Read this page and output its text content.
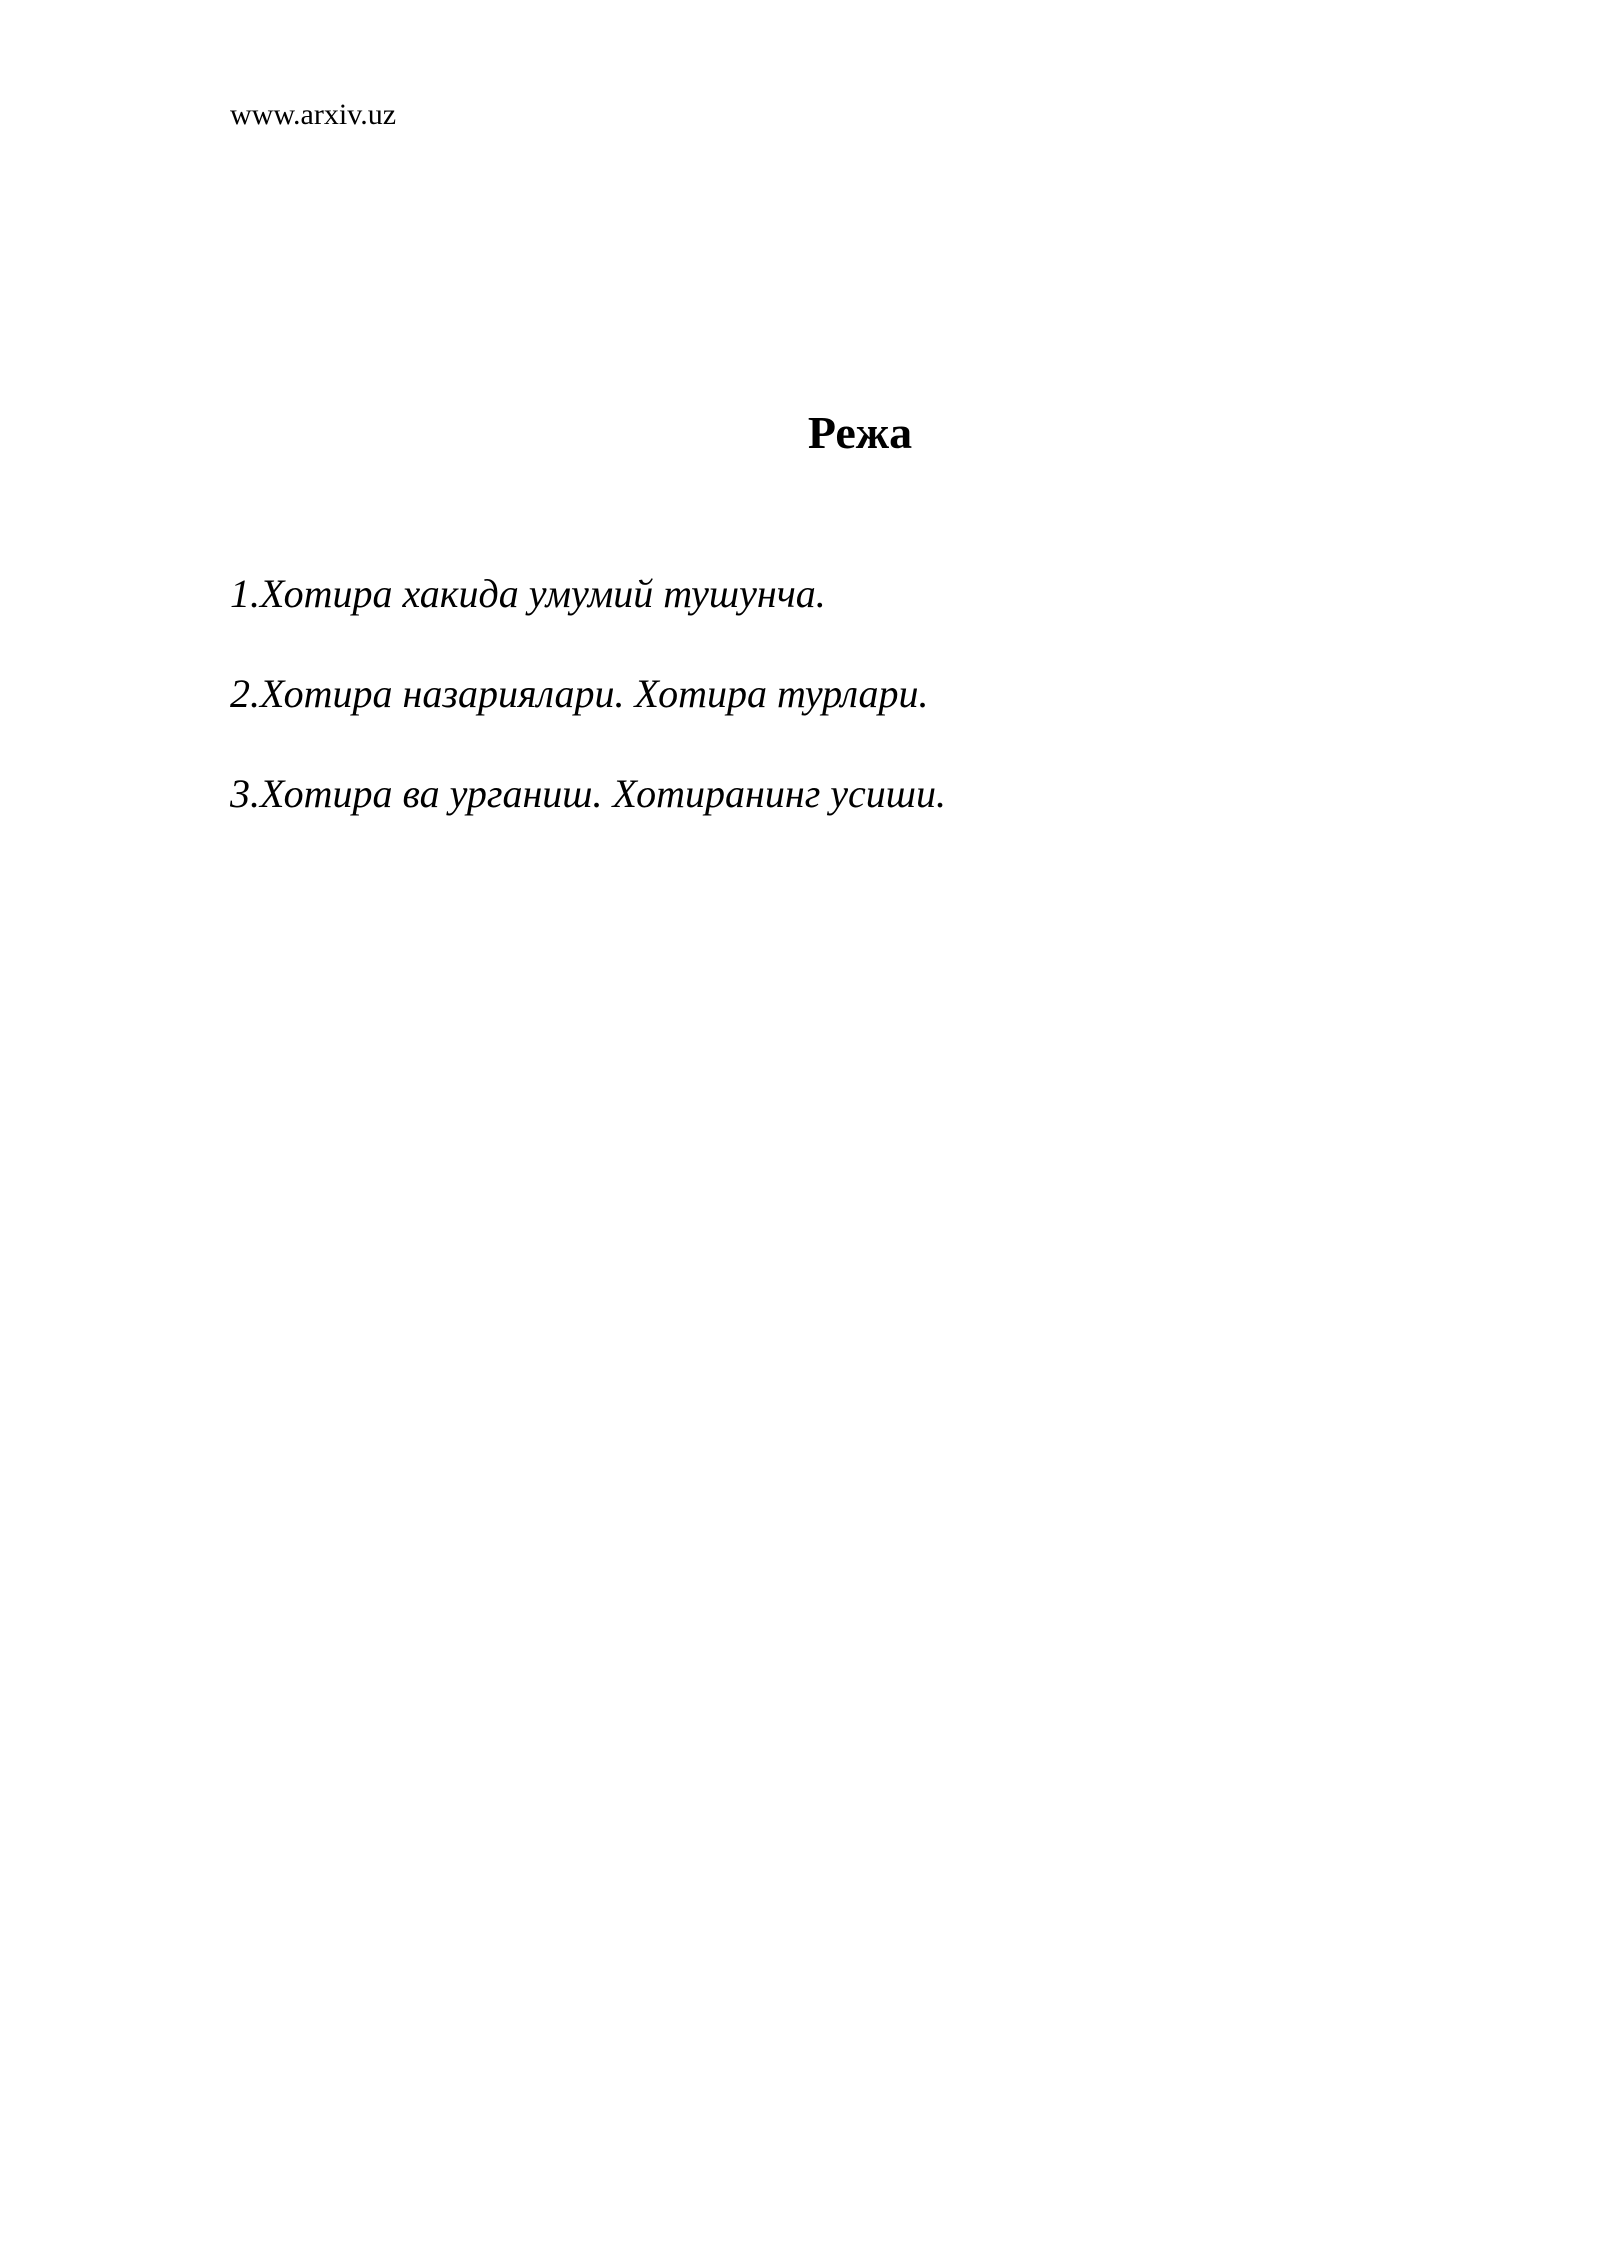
www.arxiv.uz
Режа
1.Хотира хакида умумий тушунча.
2.Хотира назариялари. Хотира турлари.
3.Хотира ва урганиш. Хотиранинг усиши.
